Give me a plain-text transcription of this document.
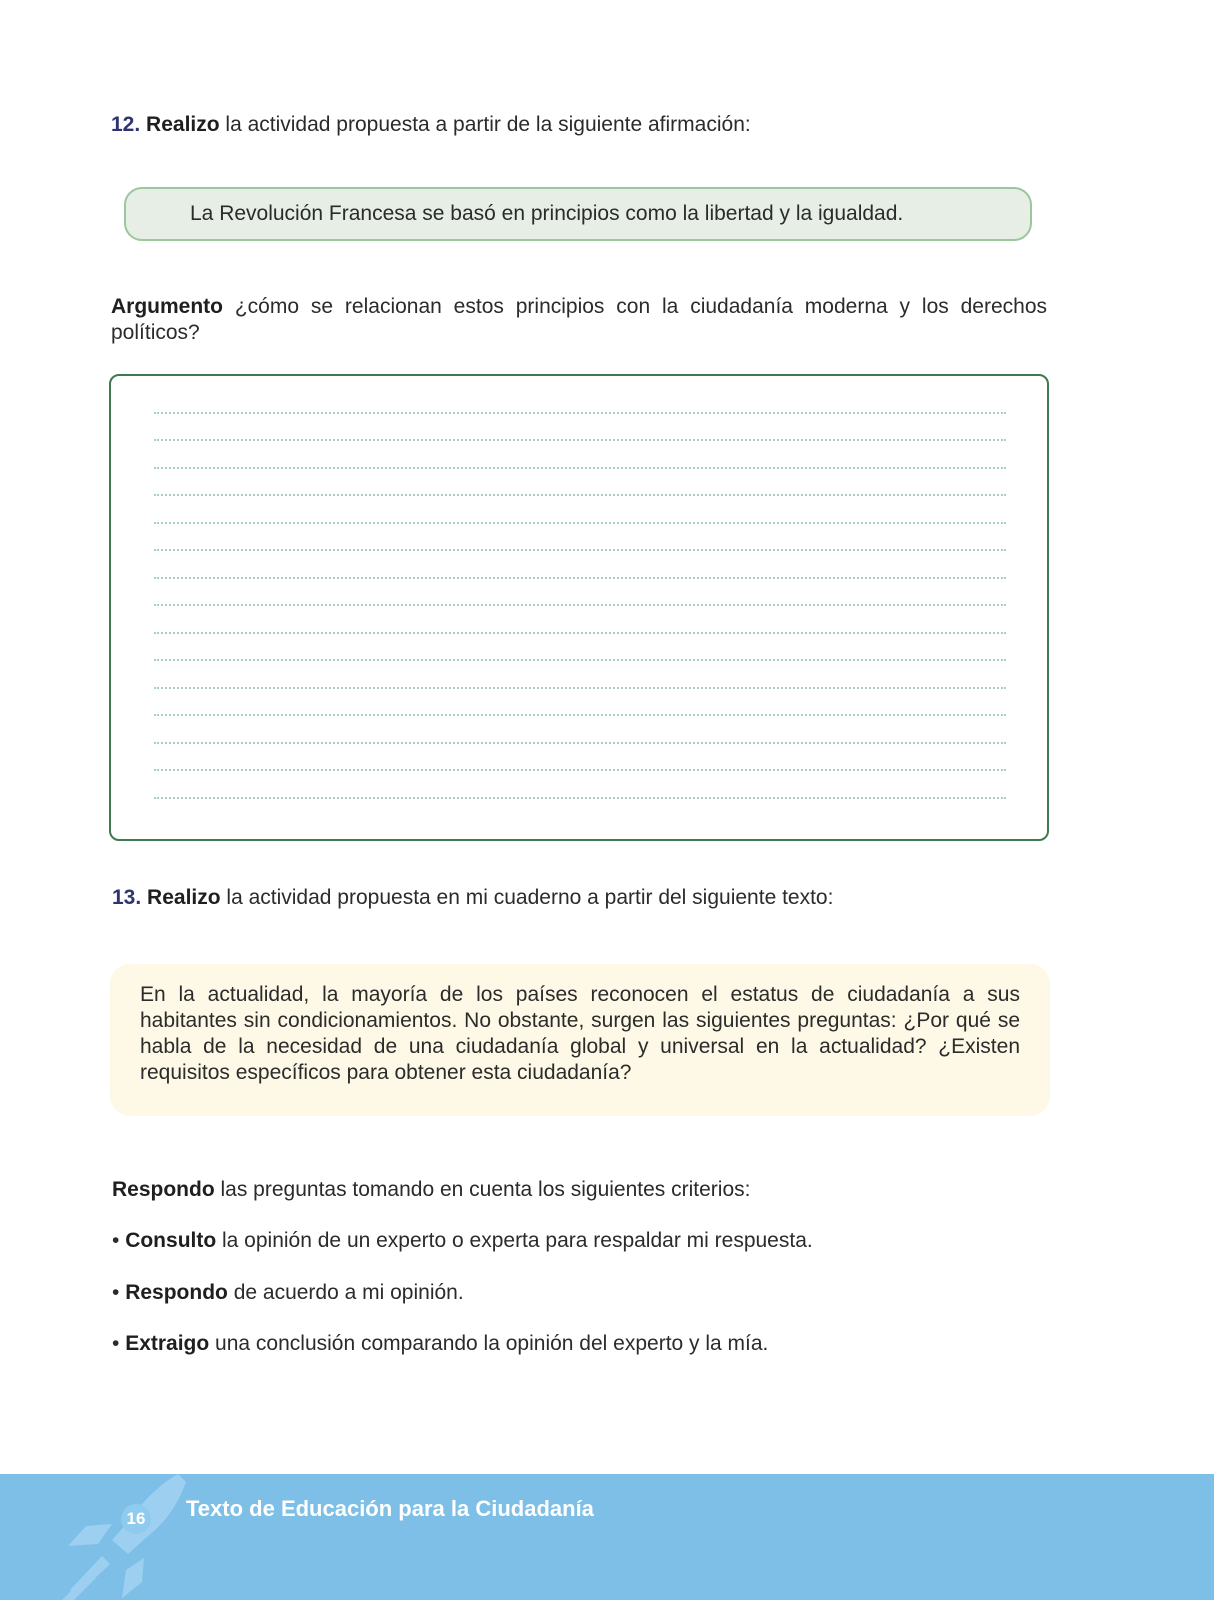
12. Realizo la actividad propuesta a partir de la siguiente afirmación:
La Revolución Francesa se basó en principios como la libertad y la igualdad.
Argumento ¿cómo se relacionan estos principios con la ciudadanía moderna y los derechos políticos?
13. Realizo la actividad propuesta en mi cuaderno a partir del siguiente texto:
En la actualidad, la mayoría de los países reconocen el estatus de ciudadanía a sus habitantes sin condicionamientos. No obstante, surgen las siguientes preguntas: ¿Por qué se habla de la necesidad de una ciudadanía global y universal en la actualidad? ¿Existen requisitos específicos para obtener esta ciudadanía?
Respondo las preguntas tomando en cuenta los siguientes criterios:
• Consulto la opinión de un experto o experta para respaldar mi respuesta.
• Respondo de acuerdo a mi opinión.
• Extraigo una conclusión comparando la opinión del experto y la mía.
16 Texto de Educación para la Ciudadanía
